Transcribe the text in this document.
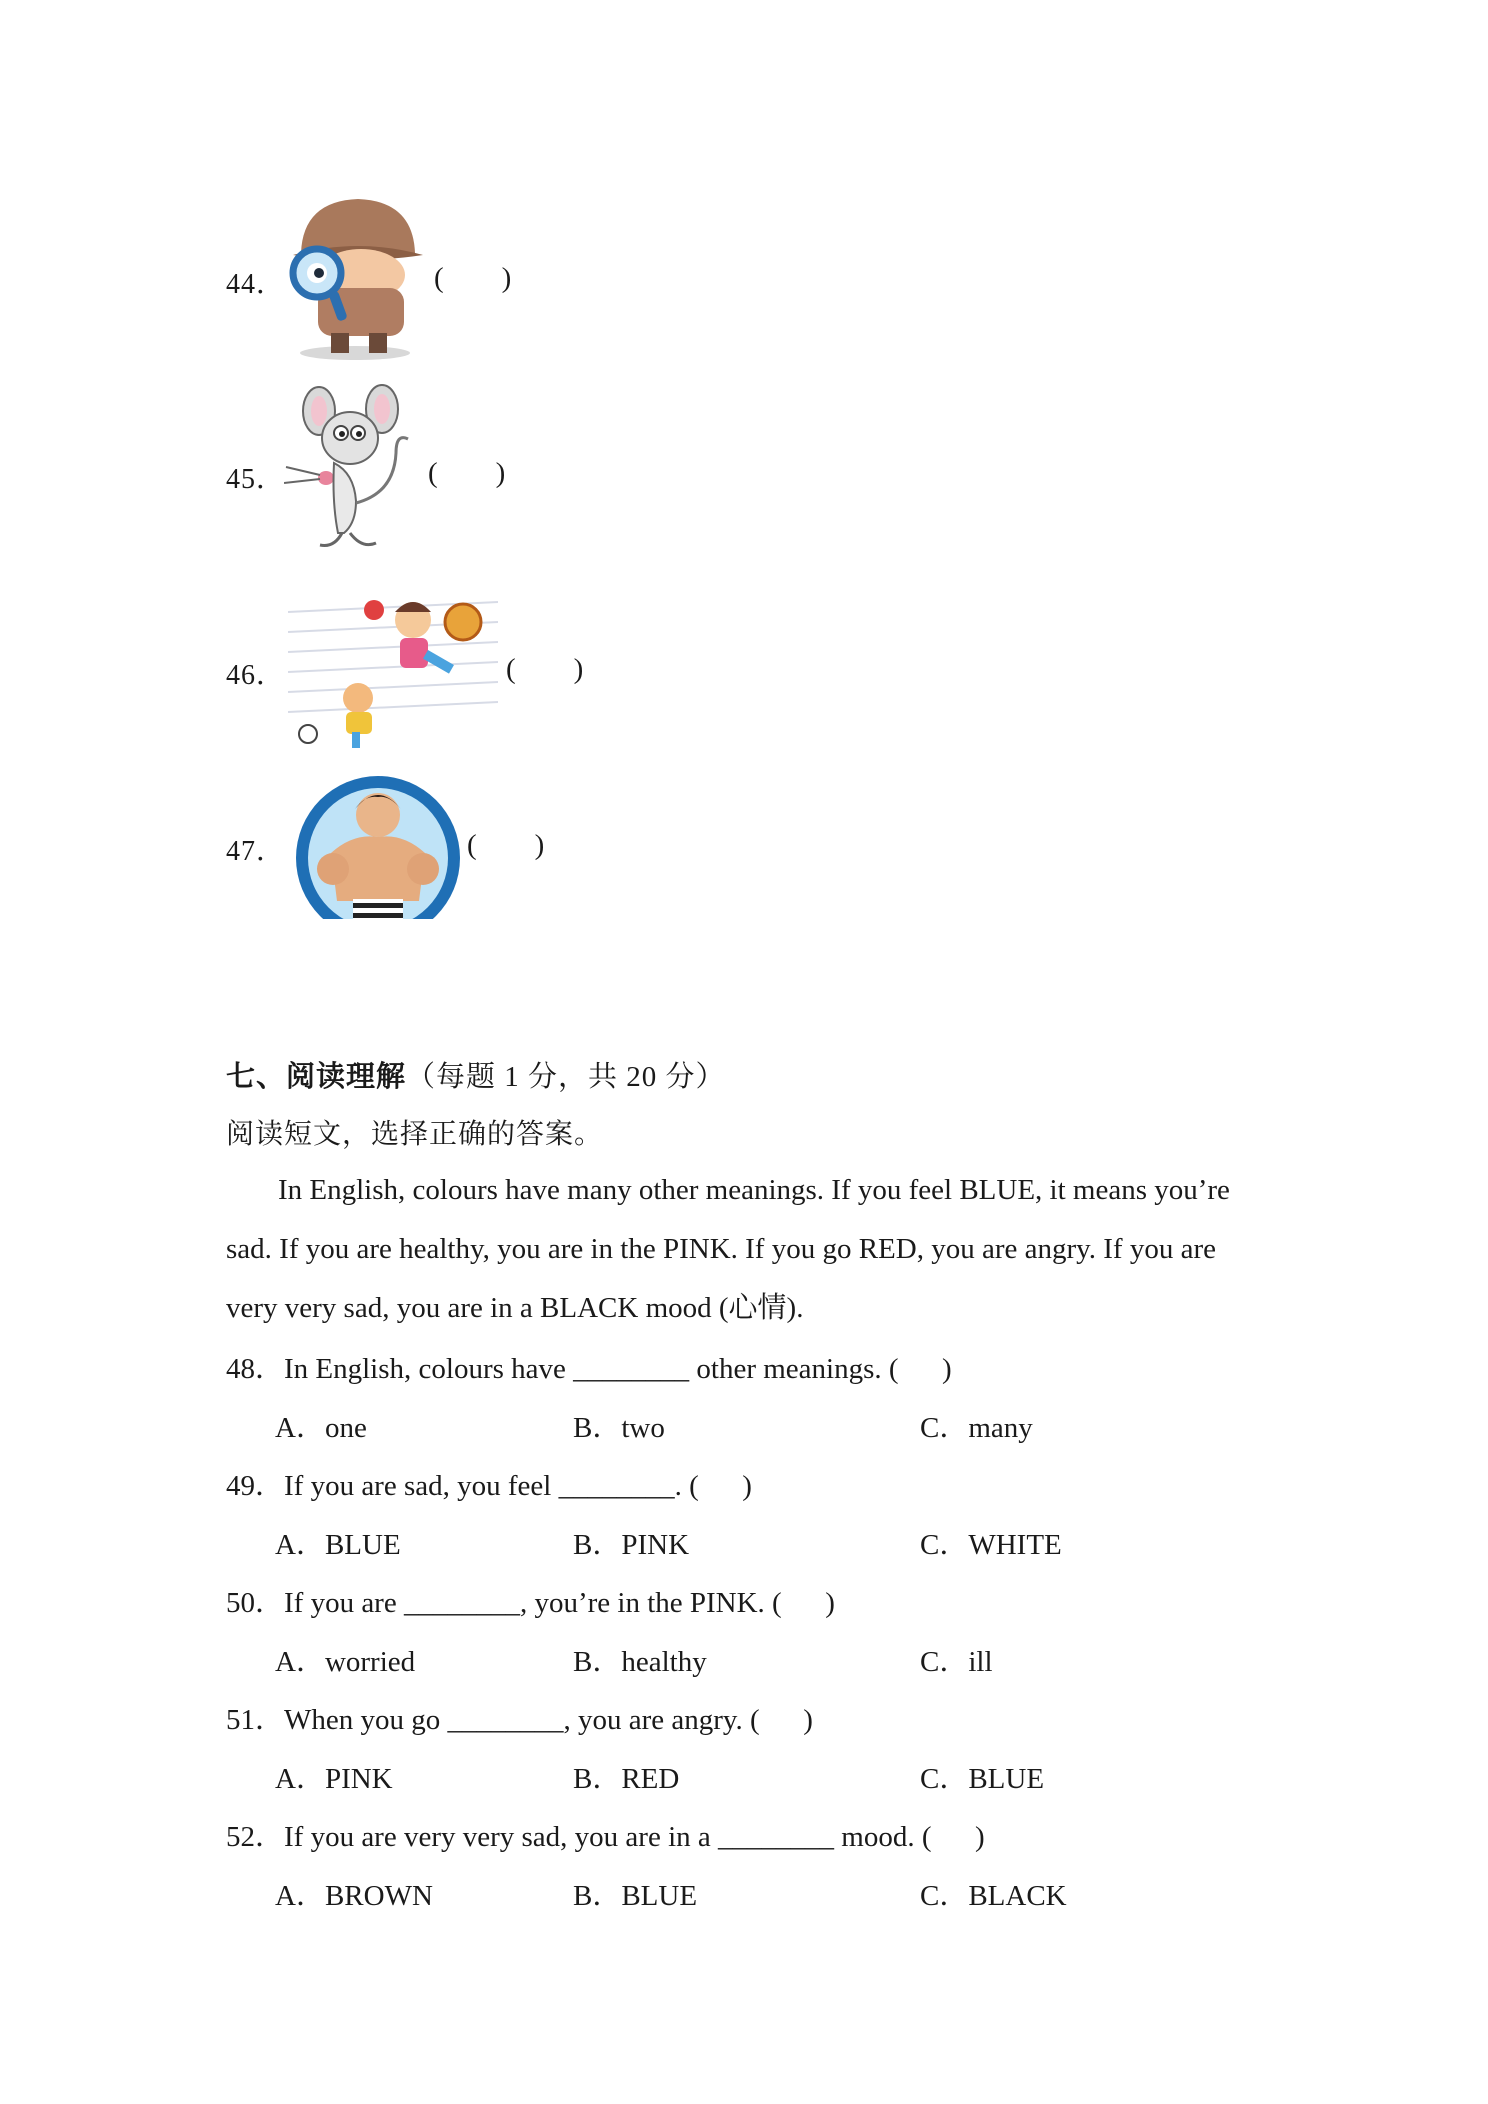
44．	(        )
45．	(        )
46．	(        )
47．	(        )
七、阅读理解（每题 1 分，共 20 分）
阅读短文，选择正确的答案。
In English, colours have many other meanings. If you feel BLUE, it means you’re
sad. If you are healthy, you are in the PINK. If you go RED, you are angry. If you are
very very sad, you are in a BLACK mood (心情).
48．In English, colours have ________ other meanings. (      )
A．one	B．two	C．many
49．If you are sad, you feel ________. (      )
A．BLUE	B．PINK	C．WHITE
50．If you are ________, you’re in the PINK. (      )
A．worried	B．healthy	C．ill
51．When you go ________, you are angry. (      )
A．PINK	B．RED	C．BLUE
52．If you are very very sad, you are in a ________ mood. (      )
A．BROWN	B．BLUE	C．BLACK
